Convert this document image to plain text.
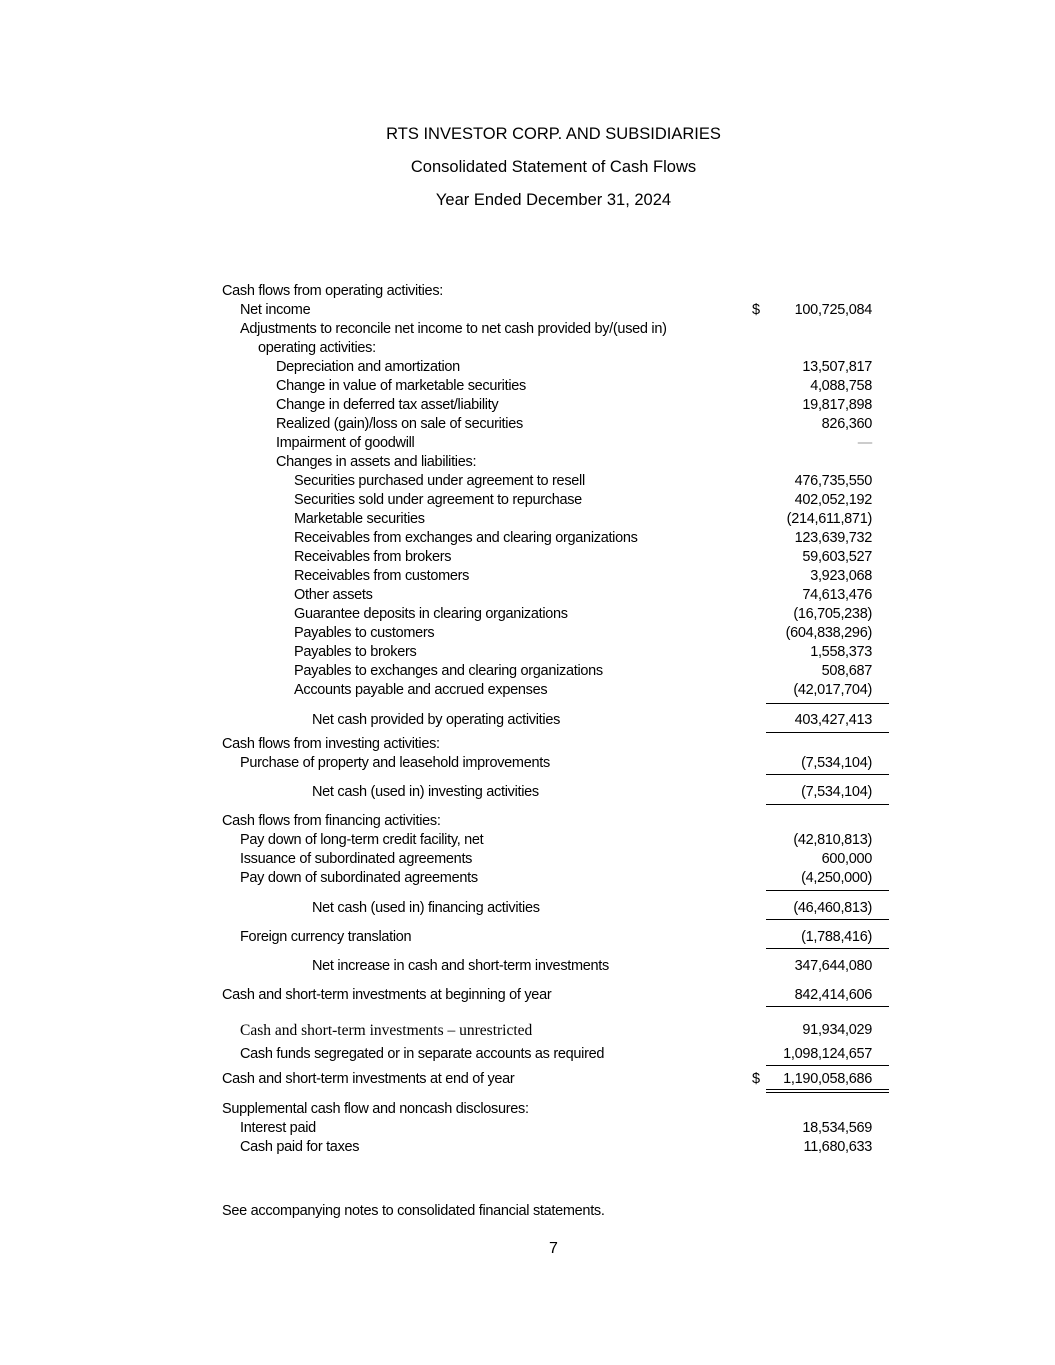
RTS INVESTOR CORP. AND SUBSIDIARIES
Consolidated Statement of Cash Flows
Year Ended December 31, 2024
Cash flows from operating activities:
Net income	$	100,725,084
Adjustments to reconcile net income to net cash provided by/(used in)
operating activities:
Depreciation and amortization	13,507,817
Change in value of marketable securities	4,088,758
Change in deferred tax asset/liability	19,817,898
Realized (gain)/loss on sale of securities	826,360
Impairment of goodwill	—
Changes in assets and liabilities:
Securities purchased under agreement to resell	476,735,550
Securities sold under agreement to repurchase	402,052,192
Marketable securities	(214,611,871)
Receivables from exchanges and clearing organizations	123,639,732
Receivables from brokers	59,603,527
Receivables from customers	3,923,068
Other assets	74,613,476
Guarantee deposits in clearing organizations	(16,705,238)
Payables to customers	(604,838,296)
Payables to brokers	1,558,373
Payables to exchanges and clearing organizations	508,687
Accounts payable and accrued expenses	(42,017,704)
Net cash provided by operating activities	403,427,413
Cash flows from investing activities:
Purchase of property and leasehold improvements	(7,534,104)
Net cash (used in) investing activities	(7,534,104)
Cash flows from financing activities:
Pay down of long-term credit facility, net	(42,810,813)
Issuance of subordinated agreements	600,000
Pay down of subordinated agreements	(4,250,000)
Net cash (used in) financing activities	(46,460,813)
Foreign currency translation	(1,788,416)
Net increase in cash and short-term investments	347,644,080
Cash and short-term investments at beginning of year	842,414,606
Cash and short-term investments – unrestricted	91,934,029
Cash funds segregated or in separate accounts as required	1,098,124,657
Cash and short-term investments at end of year	$	1,190,058,686
Supplemental cash flow and noncash disclosures:
Interest paid	18,534,569
Cash paid for taxes	11,680,633
See accompanying notes to consolidated financial statements.
7
